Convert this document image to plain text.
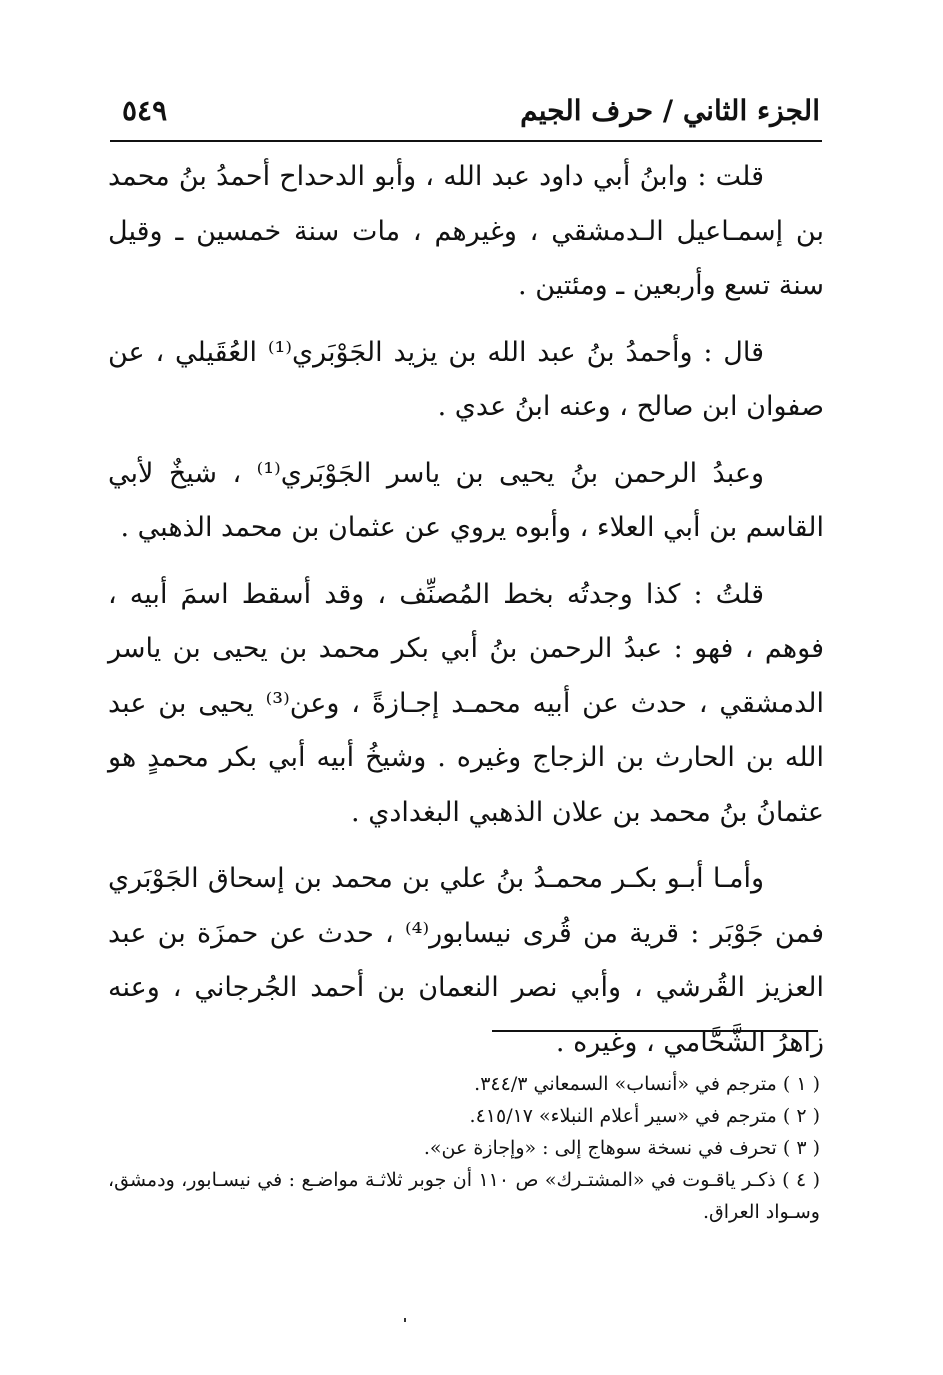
الجزء الثاني / حرف الجيم
٥٤٩

قلت : وابنُ أبي داود عبد الله ، وأبو الدحداح أحمدُ بنُ محمد بن إسمـاعيل الـدمشقي ، وغيرهم ، مات سنة خمسين ـ وقيل سنة تسع وأربعين ـ ومئتين .

قال : وأحمدُ بنُ عبد الله بن يزيد الجَوْبَري⁽¹⁾ العُقَيلي ، عن صفوان ابن صالح ، وعنه ابنُ عدي .

وعبدُ الرحمن بنُ يحيى بن ياسر الجَوْبَري⁽¹⁾ ، شيخٌ لأبي القاسم بن أبي العلاء ، وأبوه يروي عن عثمان بن محمد الذهبي .

قلتُ : كذا وجدتُه بخط المُصنِّف ، وقد أسقط اسمَ أبيه ، فوهم ، فهو : عبدُ الرحمن بنُ أبي بكر محمد بن يحيى بن ياسر الدمشقي ، حدث عن أبيه محمـد إجـازةً ، وعن⁽³⁾ يحيى بن عبد الله بن الحارث بن الزجاج وغيره . وشيخُ أبيه أبي بكر محمدٍ هو عثمانُ بنُ محمد بن علان الذهبي البغدادي .

وأمـا أبـو بكـر محمـدُ بنُ علي بن محمد بن إسحاق الجَوْبَري فمن جَوْبَر : قرية من قُرى نيسابور⁽⁴⁾ ، حدث عن حمزَة بن عبد العزيز القُرشي ، وأبي نصر النعمان بن أحمد الجُرجاني ، وعنه زاهرُ الشَّحَّامي ، وغيره .

( ١ ) مترجم في «أنساب» السمعاني ٣٤٤/٣.

( ٢ ) مترجم في «سير أعلام النبلاء» ٤١٥/١٧.

( ٣ ) تحرف في نسخة سوهاج إلى : «وإجازة عن».

( ٤ ) ذكـر ياقـوت في «المشتـرك» ص ١١٠ أن جوبر ثلاثـة مواضـع : في نيسـابور، ودمشق، وسـواد العراق.
